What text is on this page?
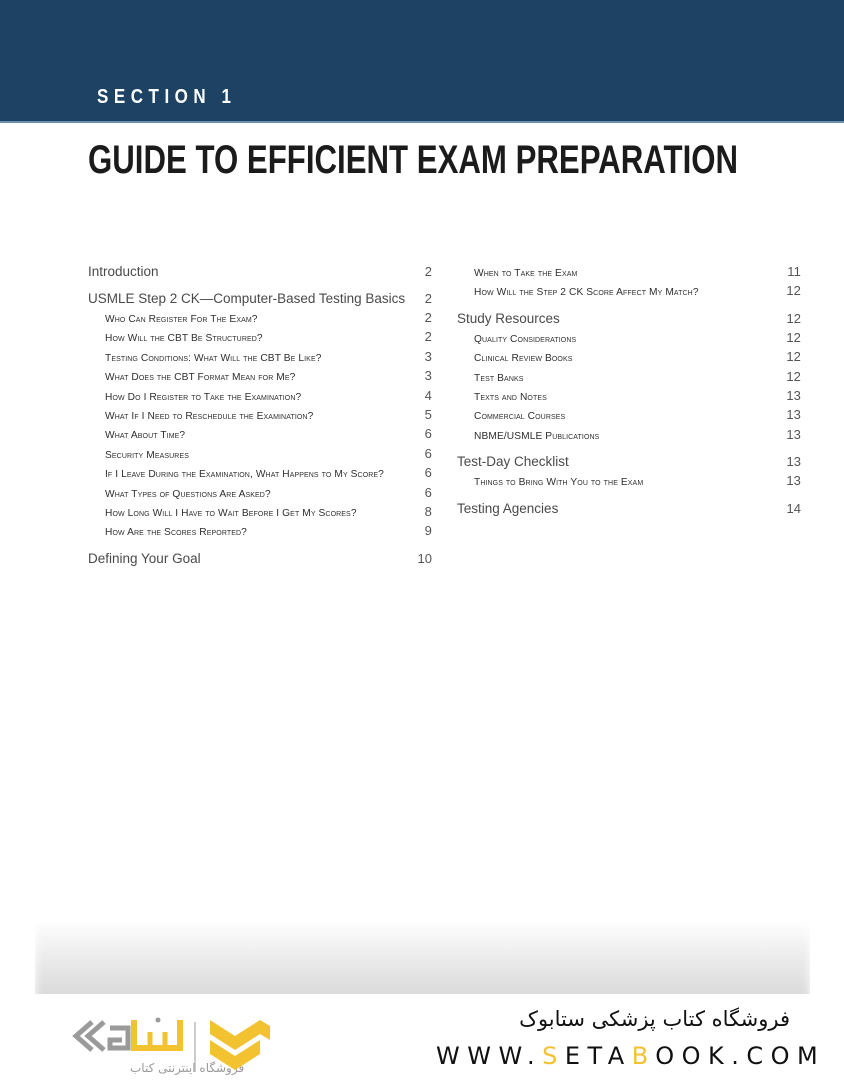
SECTION 1
GUIDE TO EFFICIENT EXAM PREPARATION
Introduction	2
USMLE Step 2 CK—Computer-Based Testing Basics 2
Who Can Register For The Exam?	2
How Will the CBT Be Structured?	2
Testing Conditions: What Will the CBT Be Like?	3
What Does the CBT Format Mean for Me?	3
How Do I Register to Take the Examination?	4
What If I Need to Reschedule the Examination?	5
What About Time?	6
Security Measures	6
If I Leave During the Examination, What Happens to My Score?	6
What Types of Questions Are Asked?	6
How Long Will I Have to Wait Before I Get My Scores?	8
How Are the Scores Reported?	9
Defining Your Goal	10
When to Take the Exam	11
How Will the Step 2 CK Score Affect My Match?	12
Study Resources	12
Quality Considerations	12
Clinical Review Books	12
Test Banks	12
Texts and Notes	13
Commercial Courses	13
NBME/USMLE Publications	13
Test-Day Checklist	13
Things to Bring With You to the Exam	13
Testing Agencies	14
فروشگاه اینترنتی کتاب
فروشگاه کتاب پزشکی ستابوک
WWW.SETABOOK.COM
